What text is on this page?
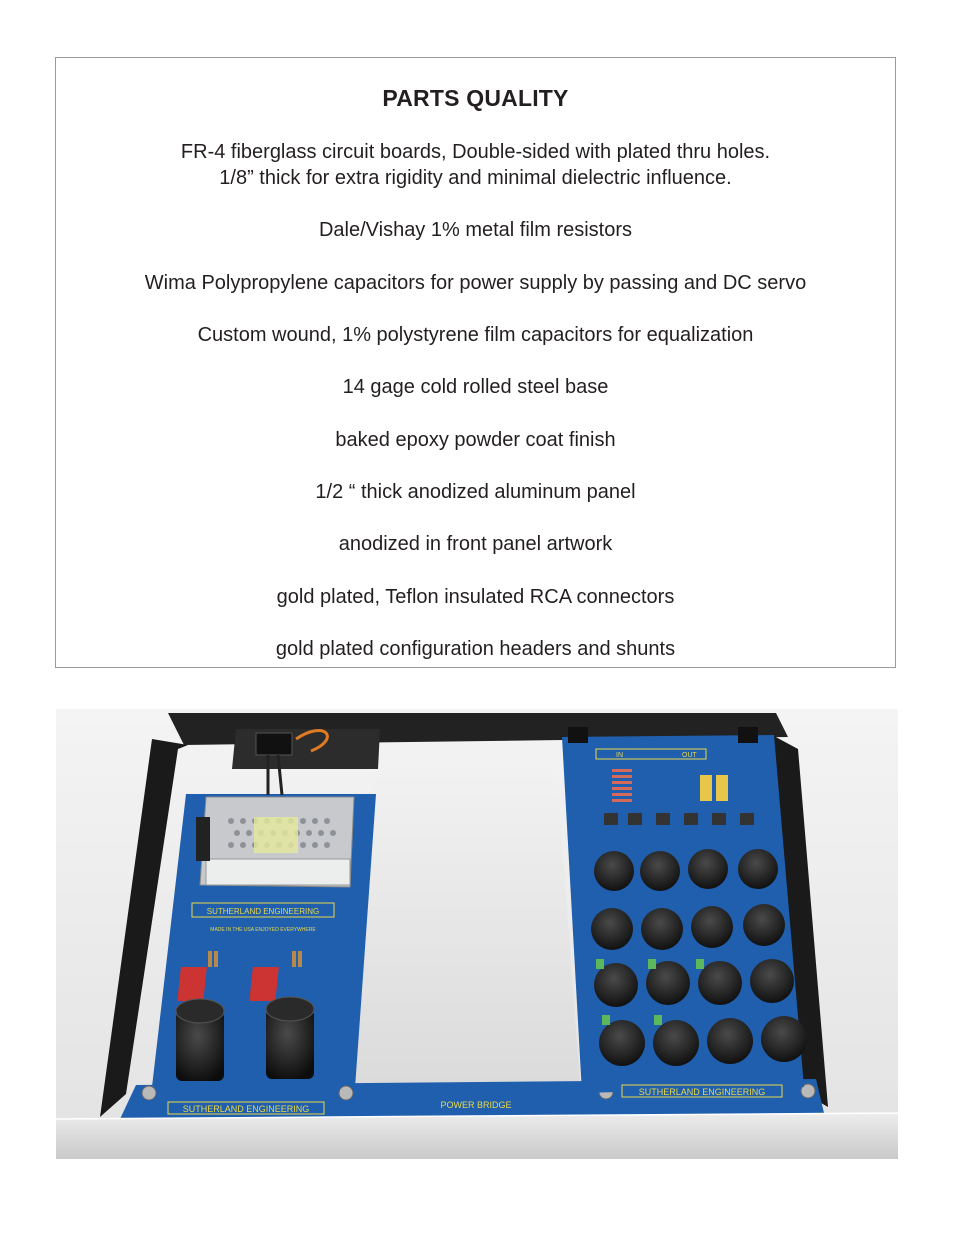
PARTS QUALITY
FR-4 fiberglass circuit boards, Double-sided with plated thru holes.
1/8” thick for extra rigidity and minimal dielectric influence.
Dale/Vishay 1% metal film resistors
Wima Polypropylene capacitors for power supply by passing and DC servo
Custom wound, 1% polystyrene film capacitors for equalization
14 gage cold rolled steel base
baked epoxy powder coat finish
1/2 “ thick anodized aluminum panel
anodized in front panel artwork
gold plated, Teflon insulated RCA connectors
gold plated configuration headers and shunts
SUTHERLAND ENGINEERING
MADE IN THE USA ENJOYED EVERYWHERE
SUTHERLAND ENGINEERING	POWER BRIDGE
IN	OUT
SUTHERLAND ENGINEERING
